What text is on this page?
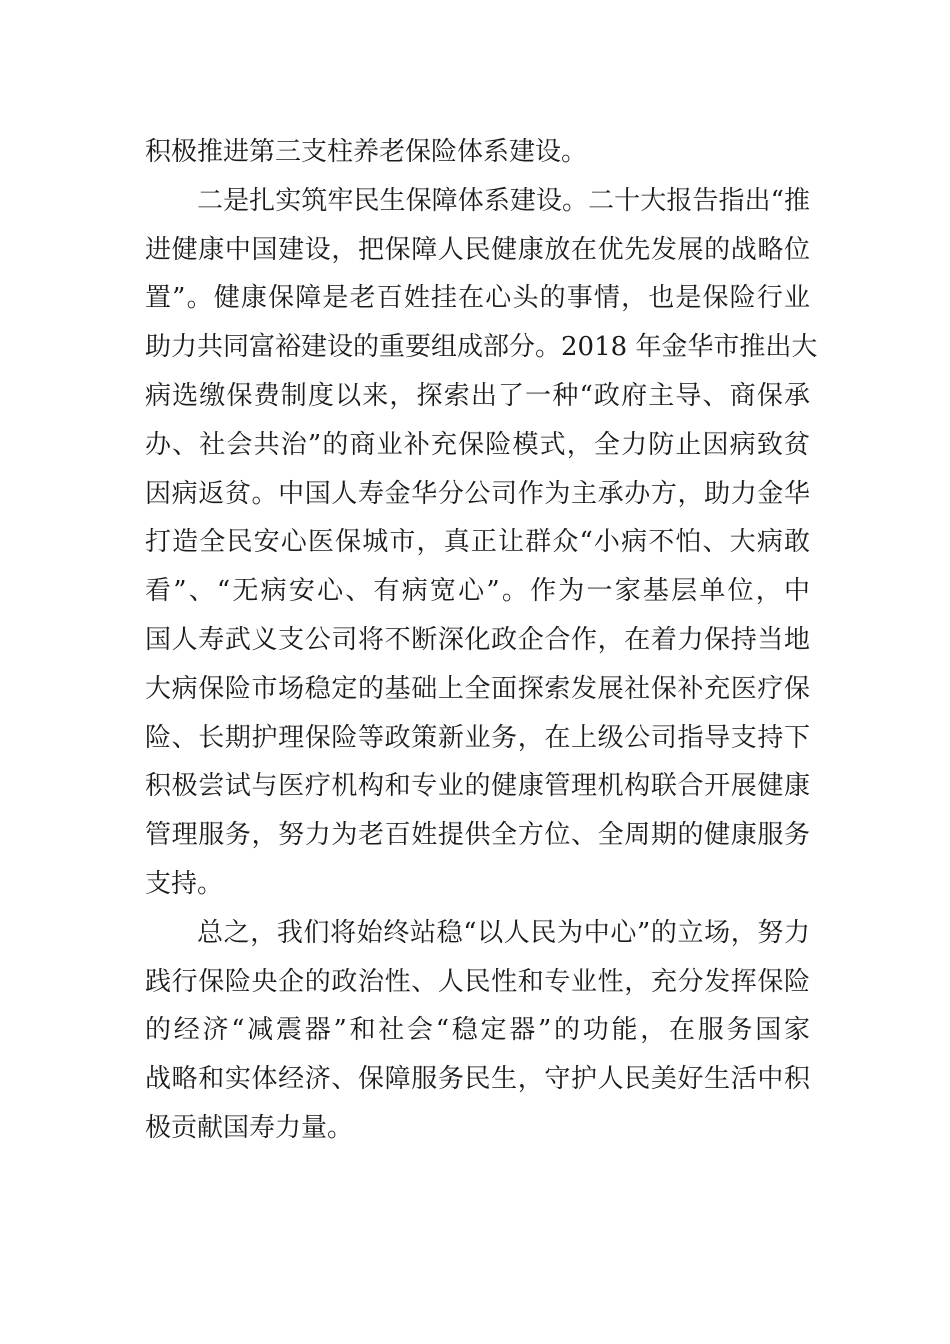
积极推进第三支柱养老保险体系建设。
二是扎实筑牢民生保障体系建设。二十大报告指出“推
进健康中国建设，把保障人民健康放在优先发展的战略位
置”。健康保障是老百姓挂在心头的事情，也是保险行业
助力共同富裕建设的重要组成部分。2018 年金华市推出大
病选缴保费制度以来，探索出了一种“政府主导、商保承
办、社会共治”的商业补充保险模式，全力防止因病致贫
因病返贫。中国人寿金华分公司作为主承办方，助力金华
打造全民安心医保城市，真正让群众“小病不怕、大病敢
看”、“无病安心、有病宽心”。作为一家基层单位，中
国人寿武义支公司将不断深化政企合作，在着力保持当地
大病保险市场稳定的基础上全面探索发展社保补充医疗保
险、长期护理保险等政策新业务，在上级公司指导支持下
积极尝试与医疗机构和专业的健康管理机构联合开展健康
管理服务，努力为老百姓提供全方位、全周期的健康服务
支持。
总之，我们将始终站稳“以人民为中心”的立场，努力
践行保险央企的政治性、人民性和专业性，充分发挥保险
的经济“减震器”和社会“稳定器”的功能，在服务国家
战略和实体经济、保障服务民生，守护人民美好生活中积
极贡献国寿力量。
